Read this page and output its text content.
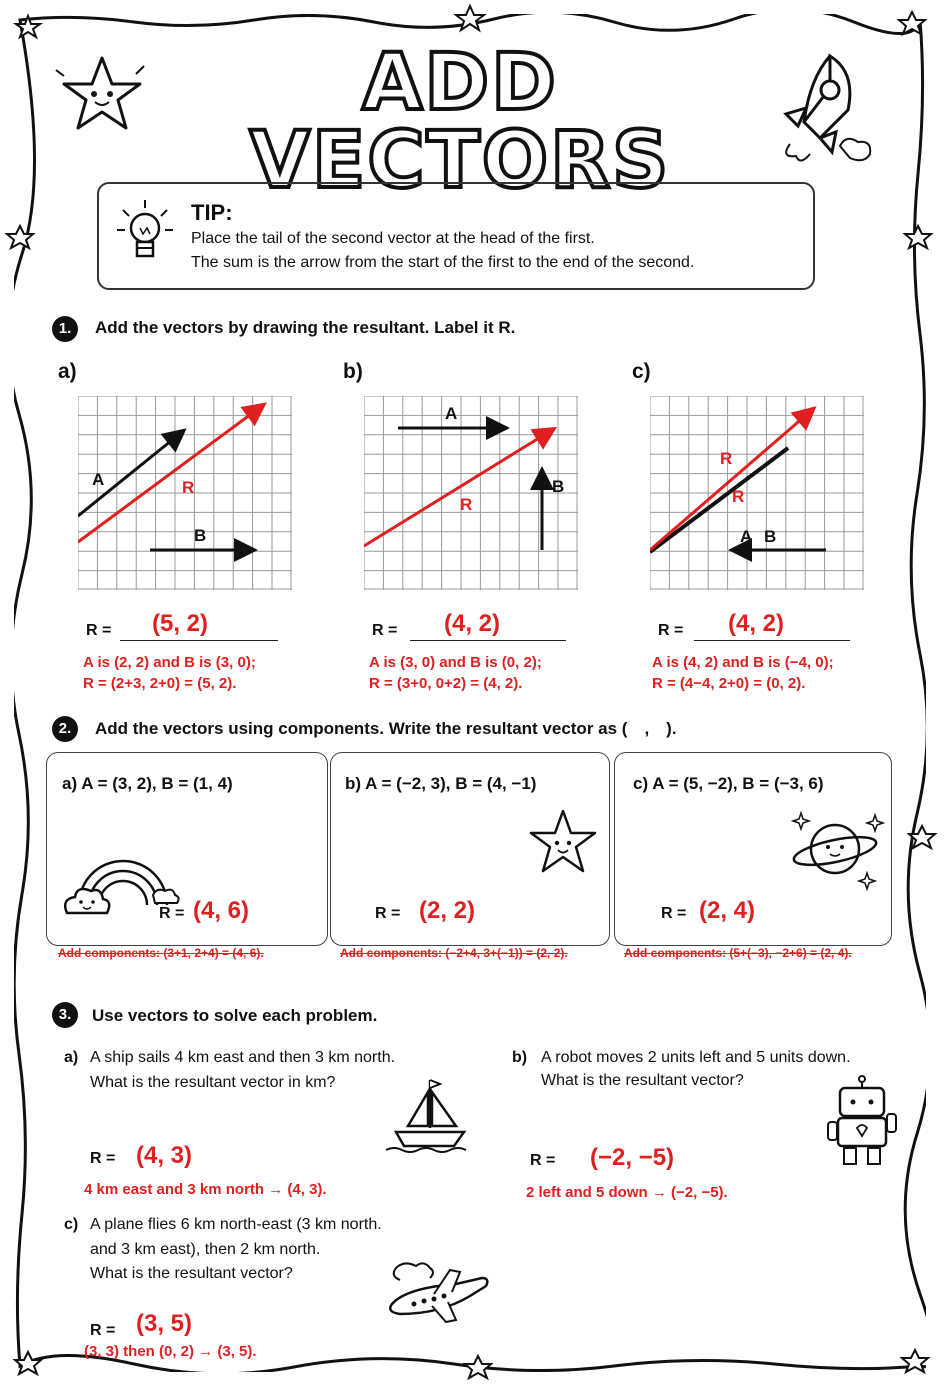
ADD VECTORS
TIP:
Place the tail of the second vector at the head of the first.
The sum is the arrow from the start of the first to the end of the second.
1.	Add the vectors by drawing the resultant. Label it R.
a)	b)	c)
A	R
B
A
B
R
R
R
A B
R = (5, 2)
A is (2, 2) and B is (3, 0);
R = (2+3, 2+0) = (5, 2).
R = (4, 2)
A is (3, 0) and B is (0, 2);
R = (3+0, 0+2) = (4, 2).
R = (4, 2)
A is (4, 2) and B is (−4, 0);
R = (4−4, 2+0) = (0, 2).
2.	Add the vectors using components. Write the resultant vector as ( , ).
a) A = (3, 2), B = (1, 4)
R = (4, 6)
Add components: (3+1, 2+4) = (4, 6).
b) A = (−2, 3), B = (4, −1)
R = (2, 2)
Add components: (−2+4, 3+(−1)) = (2, 2).
c) A = (5, −2), B = (−3, 6)
R = (2, 4)
Add components: (5+(−3), −2+6) = (2, 4).
3.	Use vectors to solve each problem.
a) A ship sails 4 km east and then 3 km north.
What is the resultant vector in km?
R = (4, 3)
4 km east and 3 km north → (4, 3).
b) A robot moves 2 units left and 5 units down.
What is the resultant vector?
R = (−2, −5)
2 left and 5 down → (−2, −5).
c) A plane flies 6 km north-east (3 km north.
and 3 km east), then 2 km north.
What is the resultant vector?
R = (3, 5)
(3, 3) then (0, 2) → (3, 5).
